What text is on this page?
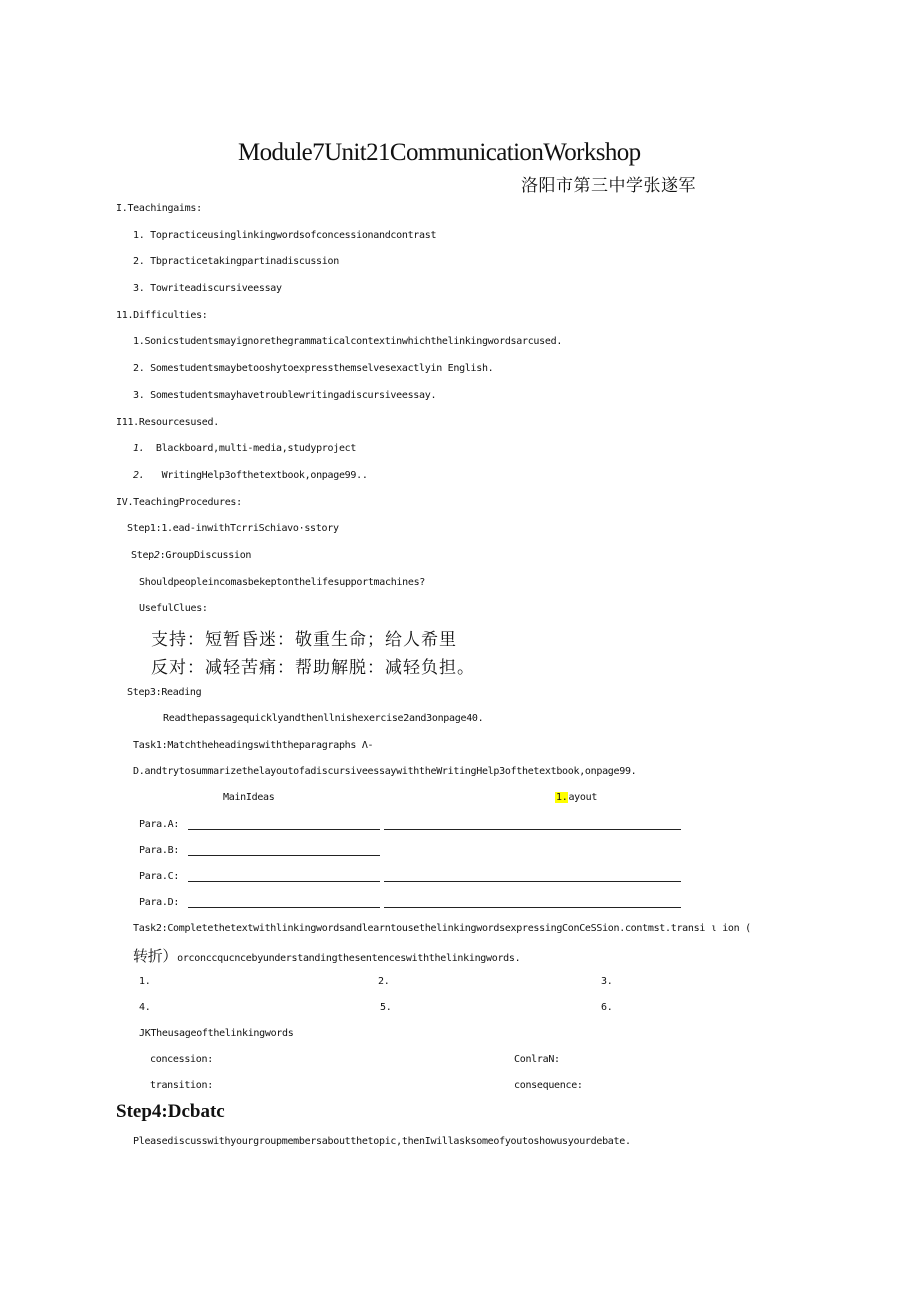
Module7Unit21CommunicationWorkshop
洛阳市第三中学张遂军
I.Teachingaims:
1. Topracticeusinglinkingwordsofconcessionandcontrast
2. Tbpracticetakingpartinadiscussion
3. Towriteadiscursiveessay
11.Difficulties:
1.Sonicstudentsmayignorethegrammaticalcontextinwhichthelinkingwordsarcused.
2. Somestudentsmaybetooshytoexpressthemselvesexactlyin English.
3. Somestudentsmayhavetroublewritingadiscursiveessay.
I11.Resourcesused.
1. Blackboard,multi-media,studyproject
2. WritingHelp3ofthetextbook,onpage99..
IV.TeachingProcedures:
Step1:1.ead-inwithTcrriSchiavo·sstory
Step2:GroupDiscussion
Shouldpeopleincomasbekeptonthelifesupportmachines?
UsefulClues:
支持：短暂昏迷：敬重生命；给人希里
反对：减轻苦痛：帮助解脱：减轻负担。
Step3:Reading
Readthepassagequicklyandthenllnishexercise2and3onpage40.
Task1:Matchtheheadingswiththeparagraphs Λ-
D.andtrytosummarizethelayoutofadiscursiveessaywiththeWritingHelp3ofthetextbook,onpage99.
MainIdeas	1.ayout
Para.A:
Para.B:
Para.C:
Para.D:
Task2:CompletethetextwithlinkingwordsandlearntousethelinkingwordsexpressingConCeSSion.contmst.transi ι ion (
转折）orconccqucncebyunderstandingthesentenceswiththelinkingwords.
1.	2.	3.
4.	5.	6.
JKTheusageofthelinkingwords
concession:	ConlraN:
transition:	consequence:
Step4:Dcbatc
Pleasediscusswithyourgroupmembersaboutthetopic,thenIwillasksomeofyoutoshowusyourdebate.
